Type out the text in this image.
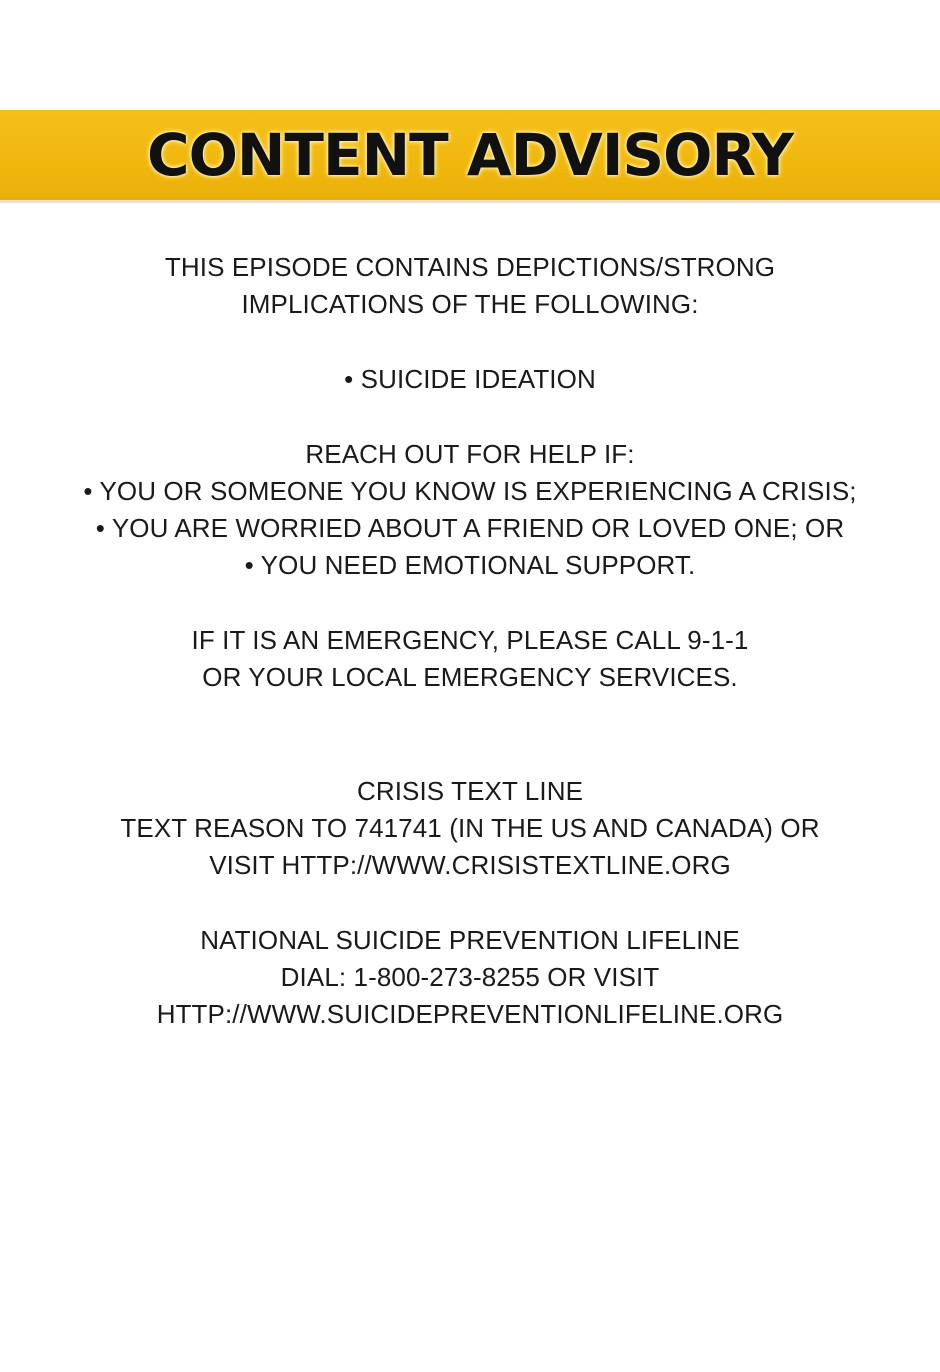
CONTENT ADVISORY
THIS EPISODE CONTAINS DEPICTIONS/STRONG
IMPLICATIONS OF THE FOLLOWING:
• SUICIDE IDEATION
REACH OUT FOR HELP IF:
• YOU OR SOMEONE YOU KNOW IS EXPERIENCING A CRISIS;
• YOU ARE WORRIED ABOUT A FRIEND OR LOVED ONE; OR
• YOU NEED EMOTIONAL SUPPORT.
IF IT IS AN EMERGENCY, PLEASE CALL 9-1-1
OR YOUR LOCAL EMERGENCY SERVICES.
CRISIS TEXT LINE
TEXT REASON TO 741741 (IN THE US AND CANADA) OR
VISIT HTTP://WWW.CRISISTEXTLINE.ORG
NATIONAL SUICIDE PREVENTION LIFELINE
DIAL: 1-800-273-8255 OR VISIT
HTTP://WWW.SUICIDEPREVENTIONLIFELINE.ORG
